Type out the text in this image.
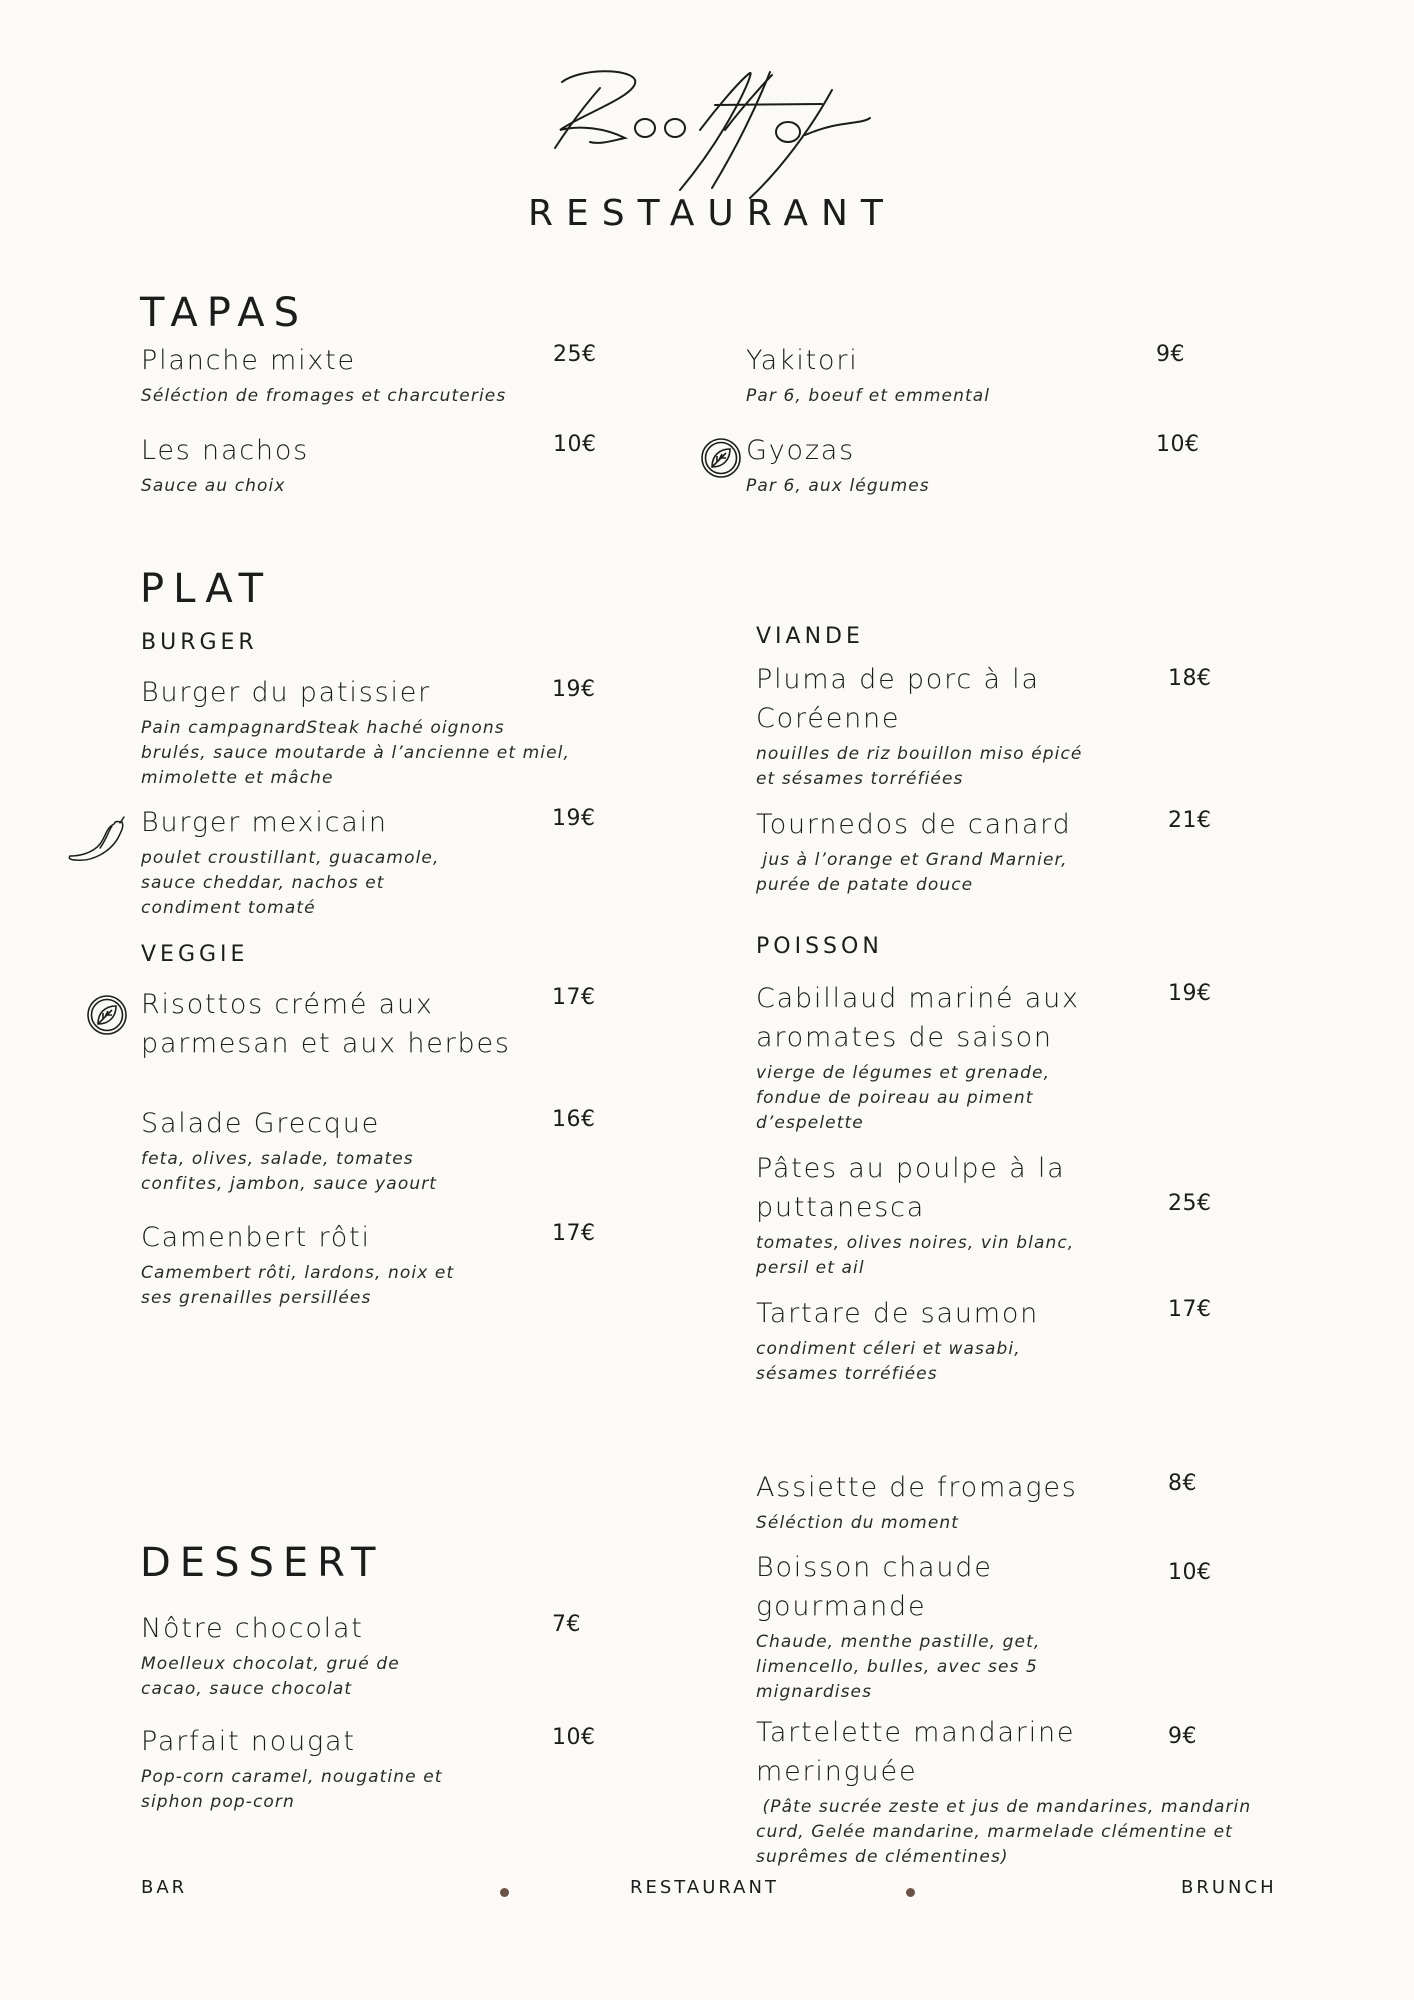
RESTAURANT
TAPAS
Planche mixte
Séléction de fromages et charcuteries
25€
Les nachos
Sauce au choix
10€
Yakitori
Par 6, boeuf et emmental
9€
Gyozas
Par 6, aux légumes
10€
PLAT
BURGER
Burger du patissier
Pain campagnardSteak haché oignons
brulés, sauce moutarde à l’ancienne et miel,
mimolette et mâche
19€
Burger mexicain
poulet croustillant, guacamole,
sauce cheddar, nachos et
condiment tomaté
19€
VEGGIE
Risottos crémé aux
parmesan et aux herbes
17€
Salade Grecque
feta, olives, salade, tomates
confites, jambon, sauce yaourt
16€
Camenbert rôti
Camembert rôti, lardons, noix et
ses grenailles persillées
17€
VIANDE
Pluma de porc à la
Coréenne
nouilles de riz bouillon miso épicé
et sésames torréfiées
18€
Tournedos de canard
jus à l’orange et Grand Marnier,
purée de patate douce
21€
POISSON
Cabillaud mariné aux
aromates de saison
vierge de légumes et grenade,
fondue de poireau au piment
d’espelette
19€
Pâtes au poulpe à la
puttanesca
tomates, olives noires, vin blanc,
persil et ail
25€
Tartare de saumon
condiment céleri et wasabi,
sésames torréfiées
17€
DESSERT
Nôtre chocolat
Moelleux chocolat, grué de
cacao, sauce chocolat
7€
Parfait nougat
Pop-corn caramel, nougatine et
siphon pop-corn
10€
Assiette de fromages
Séléction du moment
8€
Boisson chaude
gourmande
Chaude, menthe pastille, get,
limencello, bulles, avec ses 5
mignardises
10€
Tartelette mandarine
meringuée
(Pâte sucrée zeste et jus de mandarines, mandarin
curd, Gelée mandarine, marmelade clémentine et
suprêmes de clémentines)
9€
BAR	RESTAURANT	BRUNCH
